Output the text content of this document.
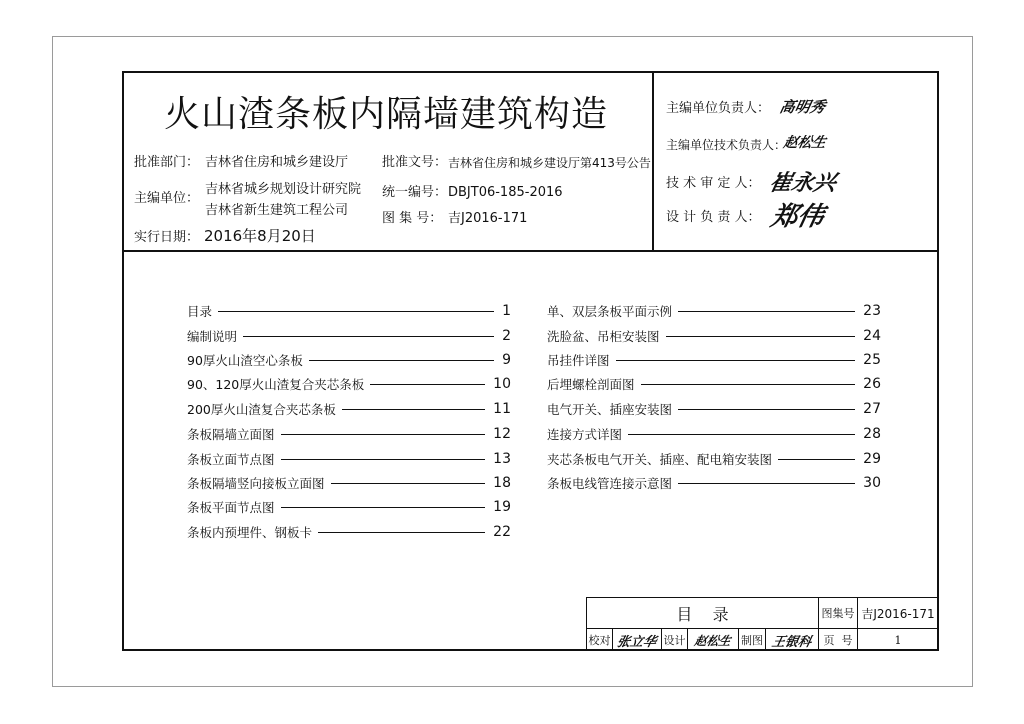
火山渣条板内隔墙建筑构造
批准部门： 吉林省住房和城乡建设厅	批准文号： 吉林省住房和城乡建设厅第413号公告
主编单位：
吉林省城乡规划设计研究院
吉林省新生建筑工程公司
统一编号： DBJT06-185-2016
图 集 号： 吉J2016-171
实行日期： 2016年8月20日
主编单位负责人： 高明秀
主编单位技术负责人：
赵松生
技 术 审 定 人： 崔永兴
设 计 负 责 人： 郑伟
目录	1
编制说明	2
90厚火山渣空心条板	9
90、120厚火山渣复合夹芯条板	10
200厚火山渣复合夹芯条板	11
条板隔墙立面图	12
条板立面节点图	13
条板隔墙竖向接板立面图	18
条板平面节点图	19
条板内预埋件、钢板卡	22
单、双层条板平面示例	23
洗脸盆、吊柜安装图	24
吊挂件详图	25
后埋螺栓剖面图	26
电气开关、插座安装图	27
连接方式详图	28
夹芯条板电气开关、插座、配电箱安装图	29
条板电线管连接示意图	30
目    录	图集号 吉J2016-171
校对 张立华 设计 赵松生 制图 王银科 页  号	1
